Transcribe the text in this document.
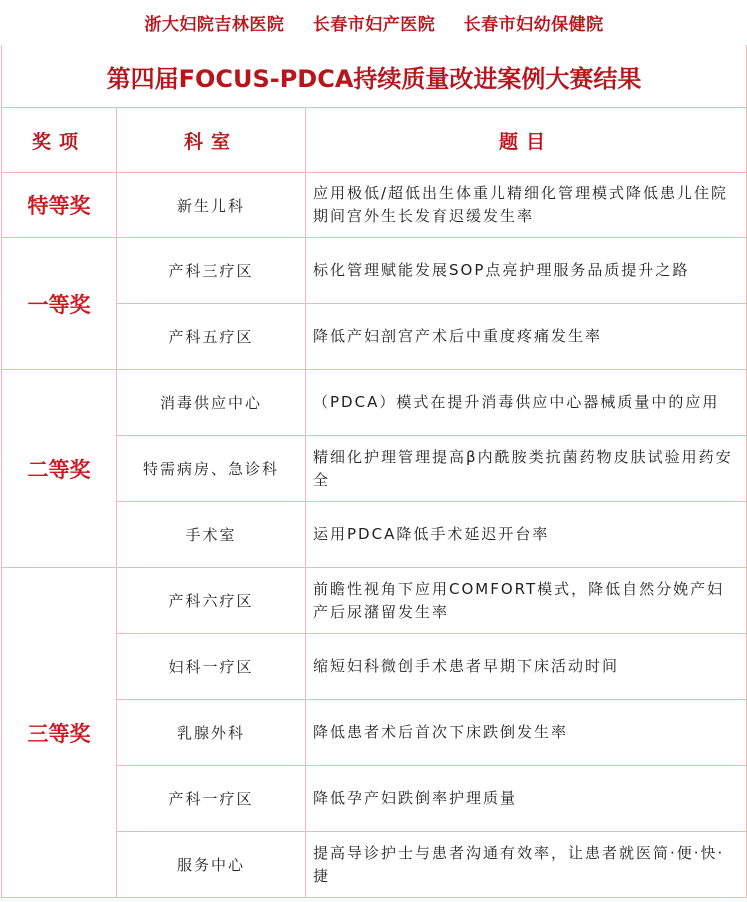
浙大妇院吉林医院 长春市妇产医院 长春市妇幼保健院		
第四届FOCUS-PDCA持续质量改进案例大赛结果		
奖项	科室	题目
特等奖	新生儿科	应用极低/超低出生体重儿精细化管理模式降低患儿住院期间宫外生长发育迟缓发生率
一等奖	产科三疗区	标化管理赋能发展SOP点亮护理服务品质提升之路
	产科五疗区	降低产妇剖宫产术后中重度疼痛发生率
二等奖	消毒供应中心	（PDCA）模式在提升消毒供应中心器械质量中的应用
	特需病房、急诊科	精细化护理管理提高β内酰胺类抗菌药物皮肤试验用药安全
	手术室	运用PDCA降低手术延迟开台率
三等奖	产科六疗区	前瞻性视角下应用COMFORT模式，降低自然分娩产妇产后尿潴留发生率
	妇科一疗区	缩短妇科微创手术患者早期下床活动时间
	乳腺外科	降低患者术后首次下床跌倒发生率
	产科一疗区	降低孕产妇跌倒率护理质量
	服务中心	提高导诊护士与患者沟通有效率，让患者就医简·便·快·捷
